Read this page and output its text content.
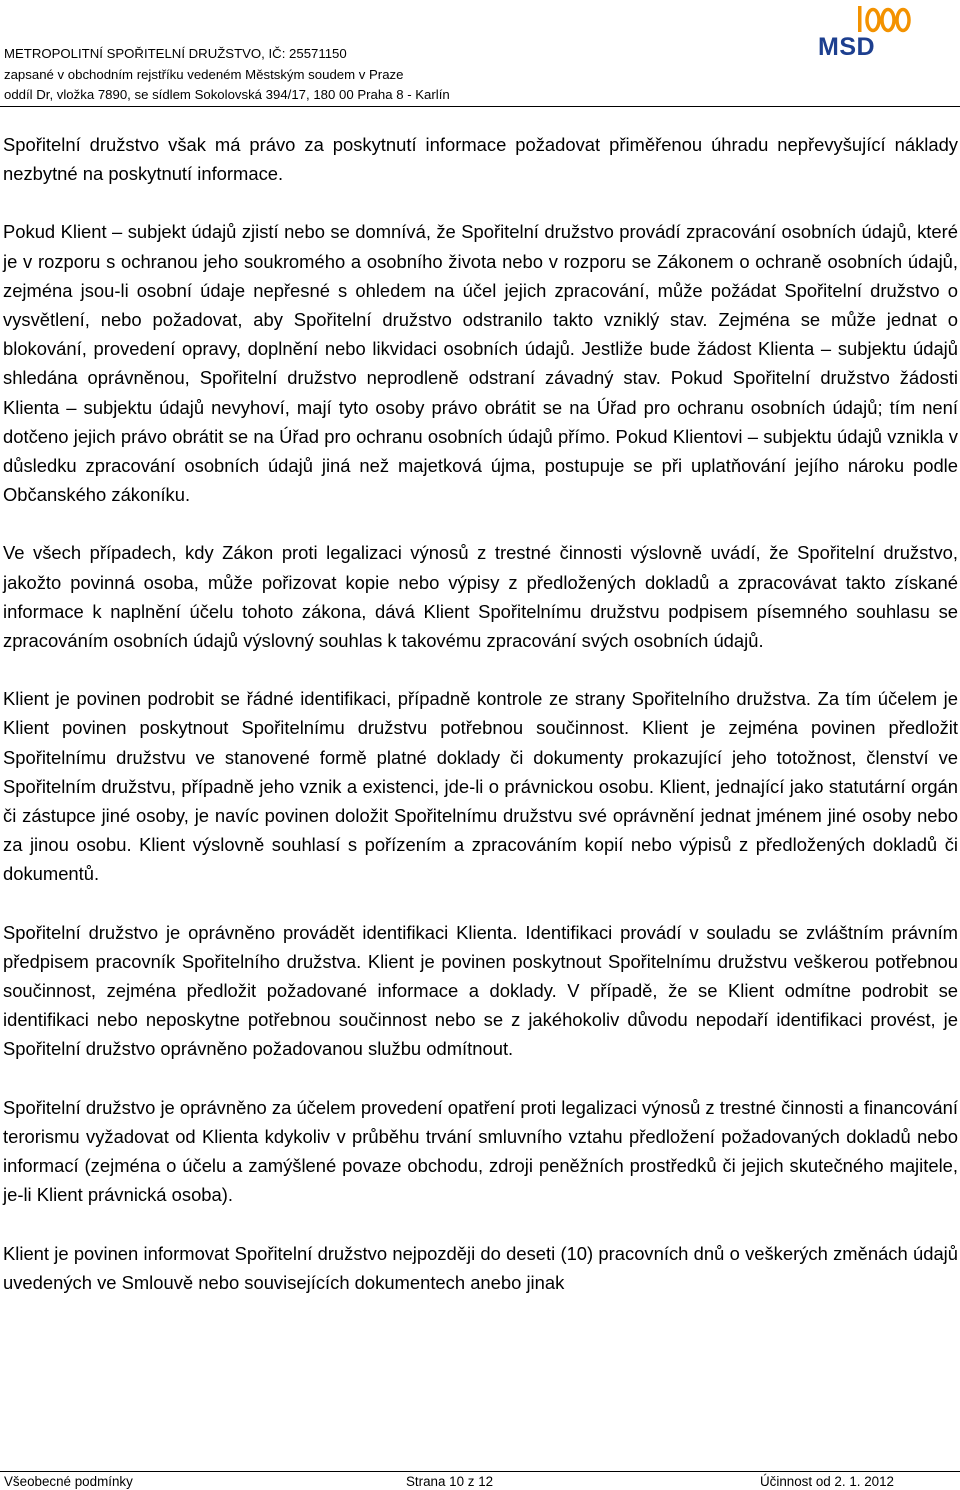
METROPOLITNÍ SPOŘITELNÍ DRUŽSTVO, IČ: 25571150
zapsané v obchodním rejstříku vedeném Městským soudem v Praze
oddíl Dr, vložka 7890, se sídlem Sokolovská 394/17, 180 00 Praha 8 - Karlín
MSD

Spořitelní družstvo však má právo za poskytnutí informace požadovat přiměřenou úhradu nepřevyšující náklady nezbytné na poskytnutí informace.

Pokud Klient – subjekt údajů zjistí nebo se domnívá, že Spořitelní družstvo provádí zpracování osobních údajů, které je v rozporu s ochranou jeho soukromého a osobního života nebo v rozporu se Zákonem o ochraně osobních údajů, zejména jsou-li osobní údaje nepřesné s ohledem na účel jejich zpracování, může požádat Spořitelní družstvo o vysvětlení, nebo požadovat, aby Spořitelní družstvo odstranilo takto vzniklý stav. Zejména se může jednat o blokování, provedení opravy, doplnění nebo likvidaci osobních údajů. Jestliže bude žádost Klienta – subjektu údajů shledána oprávněnou, Spořitelní družstvo neprodleně odstraní závadný stav. Pokud Spořitelní družstvo žádosti Klienta – subjektu údajů nevyhoví, mají tyto osoby právo obrátit se na Úřad pro ochranu osobních údajů; tím není dotčeno jejich právo obrátit se na Úřad pro ochranu osobních údajů přímo. Pokud Klientovi – subjektu údajů vznikla v důsledku zpracování osobních údajů jiná než majetková újma, postupuje se při uplatňování jejího nároku podle Občanského zákoníku.

Ve všech případech, kdy Zákon proti legalizaci výnosů z trestné činnosti výslovně uvádí, že Spořitelní družstvo, jakožto povinná osoba, může pořizovat kopie nebo výpisy z předložených dokladů a zpracovávat takto získané informace k naplnění účelu tohoto zákona, dává Klient Spořitelnímu družstvu podpisem písemného souhlasu se zpracováním osobních údajů výslovný souhlas k takovému zpracování svých osobních údajů.

Klient je povinen podrobit se řádné identifikaci, případně kontrole ze strany Spořitelního družstva. Za tím účelem je Klient povinen poskytnout Spořitelnímu družstvu potřebnou součinnost. Klient je zejména povinen předložit Spořitelnímu družstvu ve stanovené formě platné doklady či dokumenty prokazující jeho totožnost, členství ve Spořitelním družstvu, případně jeho vznik a existenci, jde-li o právnickou osobu. Klient, jednající jako statutární orgán či zástupce jiné osoby, je navíc povinen doložit Spořitelnímu družstvu své oprávnění jednat jménem jiné osoby nebo za jinou osobu. Klient výslovně souhlasí s pořízením a zpracováním kopií nebo výpisů z předložených dokladů či dokumentů.

Spořitelní družstvo je oprávněno provádět identifikaci Klienta. Identifikaci provádí v souladu se zvláštním právním předpisem pracovník Spořitelního družstva. Klient je povinen poskytnout Spořitelnímu družstvu veškerou potřebnou součinnost, zejména předložit požadované informace a doklady. V případě, že se Klient odmítne podrobit se identifikaci nebo neposkytne potřebnou součinnost nebo se z jakéhokoliv důvodu nepodaří identifikaci provést, je Spořitelní družstvo oprávněno požadovanou službu odmítnout.

Spořitelní družstvo je oprávněno za účelem provedení opatření proti legalizaci výnosů z trestné činnosti a financování terorismu vyžadovat od Klienta kdykoliv v průběhu trvání smluvního vztahu předložení požadovaných dokladů nebo informací (zejména o účelu a zamýšlené povaze obchodu, zdroji peněžních prostředků či jejich skutečného majitele, je-li Klient právnická osoba).

Klient je povinen informovat Spořitelní družstvo nejpozději do deseti (10) pracovních dnů o veškerých změnách údajů uvedených ve Smlouvě nebo souvisejících dokumentech anebo jinak

Všeobecné podmínky	Strana 10 z 12	Účinnost od 2. 1. 2012
